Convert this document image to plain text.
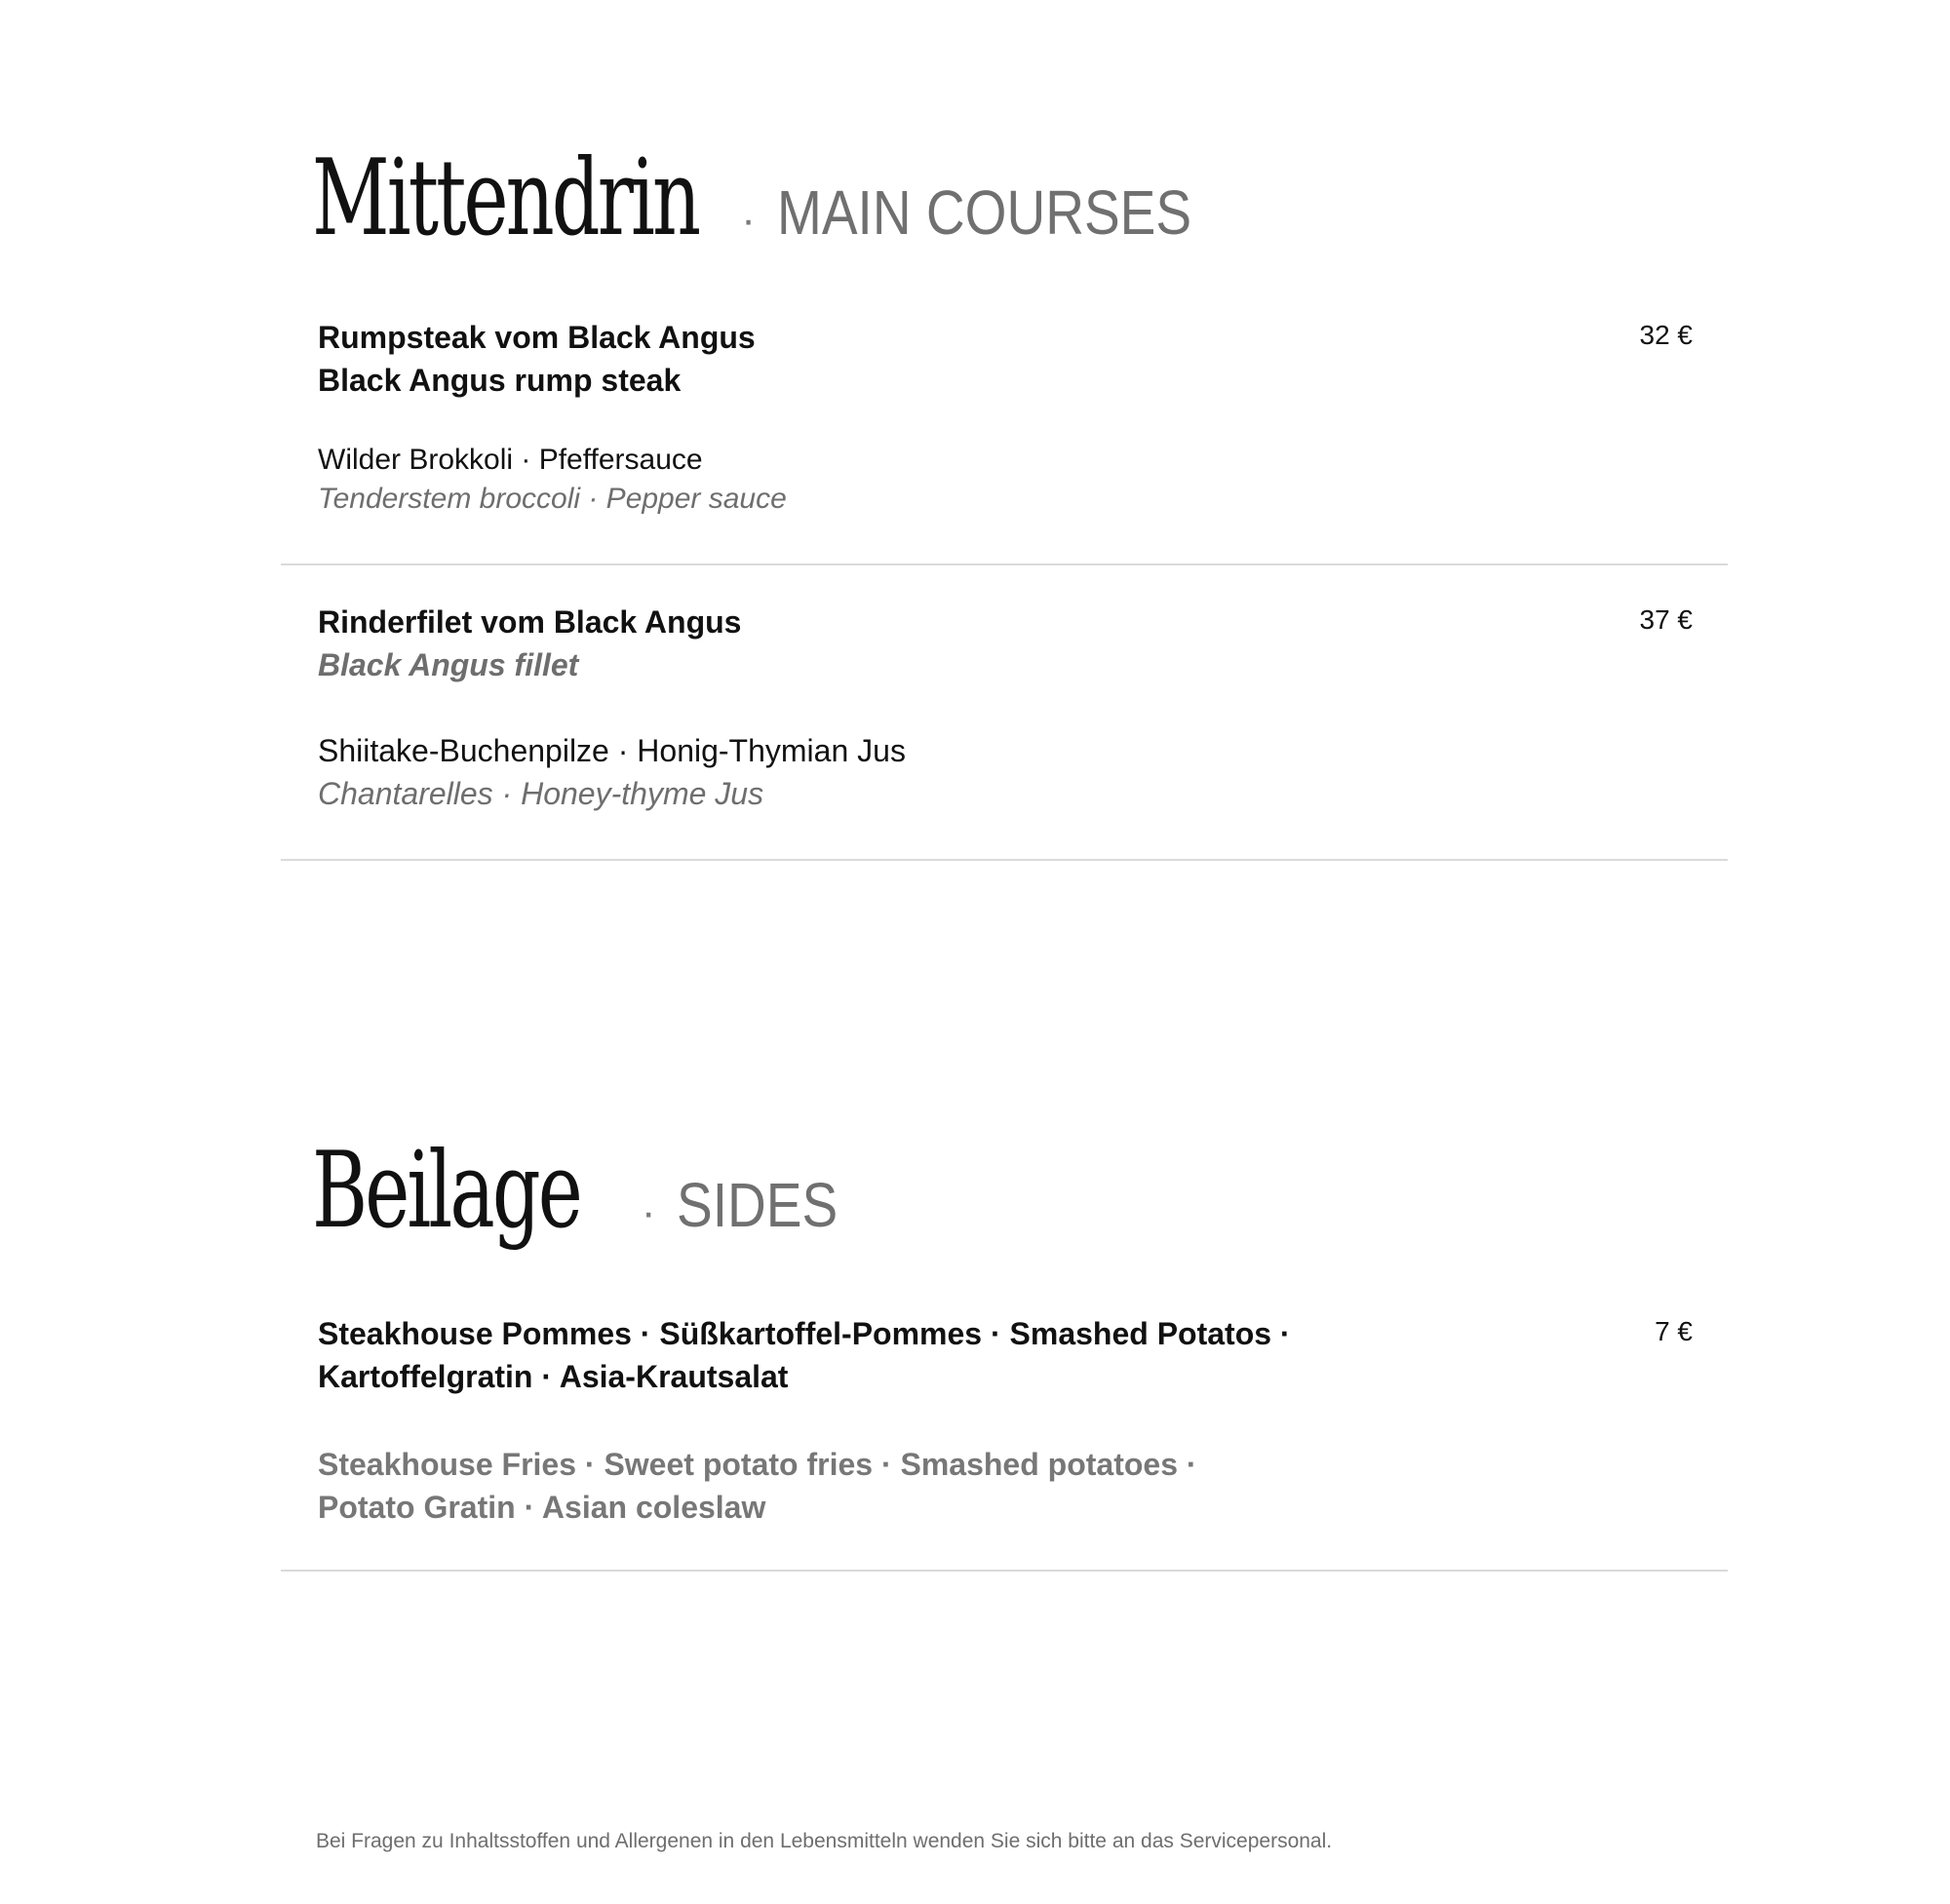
Mittendrin · MAIN COURSES
Rumpsteak vom Black Angus
Black Angus rump steak
Wilder Brokkoli · Pfeffersauce
Tenderstem broccoli · Pepper sauce
32 €
Rinderfilet vom Black Angus
Black Angus fillet
Shiitake-Buchenpilze · Honig-Thymian Jus
Chantarelles · Honey-thyme Jus
37 €
Beilage · SIDES
Steakhouse Pommes · Süßkartoffel-Pommes · Smashed Potatos ·
Kartoffelgratin · Asia-Krautsalat
Steakhouse Fries · Sweet potato fries · Smashed potatoes ·
Potato Gratin · Asian coleslaw
7 €
Bei Fragen zu Inhaltsstoffen und Allergenen in den Lebensmitteln wenden Sie sich bitte an das Servicepersonal.
